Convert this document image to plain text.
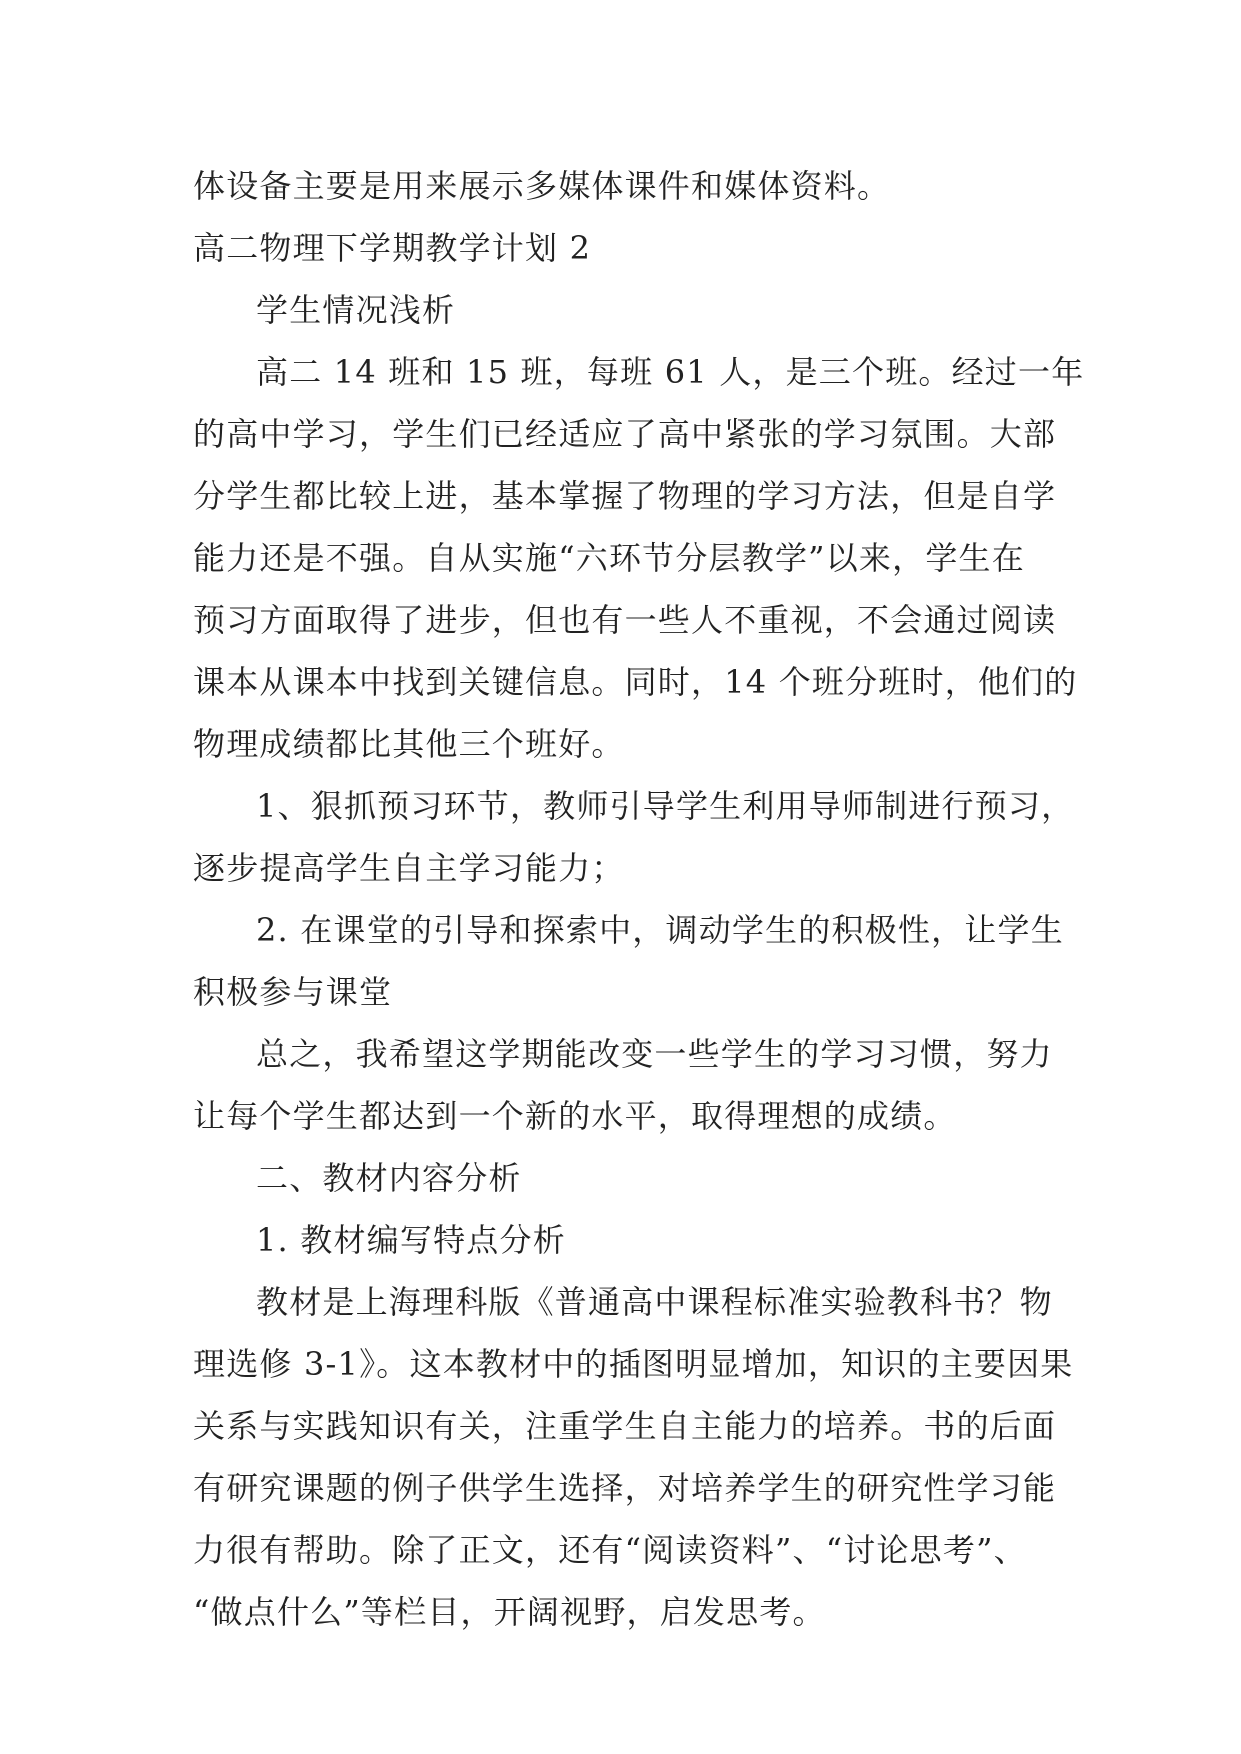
体设备主要是用来展示多媒体课件和媒体资料。
高二物理下学期教学计划 2
学生情况浅析
高二 14 班和 15 班，每班 61 人，是三个班。经过一年
的高中学习，学生们已经适应了高中紧张的学习氛围。大部
分学生都比较上进，基本掌握了物理的学习方法，但是自学
能力还是不强。自从实施“六环节分层教学”以来，学生在
预习方面取得了进步，但也有一些人不重视，不会通过阅读
课本从课本中找到关键信息。同时，14 个班分班时，他们的
物理成绩都比其他三个班好。
1、狠抓预习环节，教师引导学生利用导师制进行预习，
逐步提高学生自主学习能力；
2. 在课堂的引导和探索中，调动学生的积极性，让学生
积极参与课堂
总之，我希望这学期能改变一些学生的学习习惯，努力
让每个学生都达到一个新的水平，取得理想的成绩。
二、教材内容分析
1. 教材编写特点分析
教材是上海理科版《普通高中课程标准实验教科书？物
理选修 3-1》。这本教材中的插图明显增加，知识的主要因果
关系与实践知识有关，注重学生自主能力的培养。书的后面
有研究课题的例子供学生选择，对培养学生的研究性学习能
力很有帮助。除了正文，还有“阅读资料”、“讨论思考”、
“做点什么”等栏目，开阔视野，启发思考。
